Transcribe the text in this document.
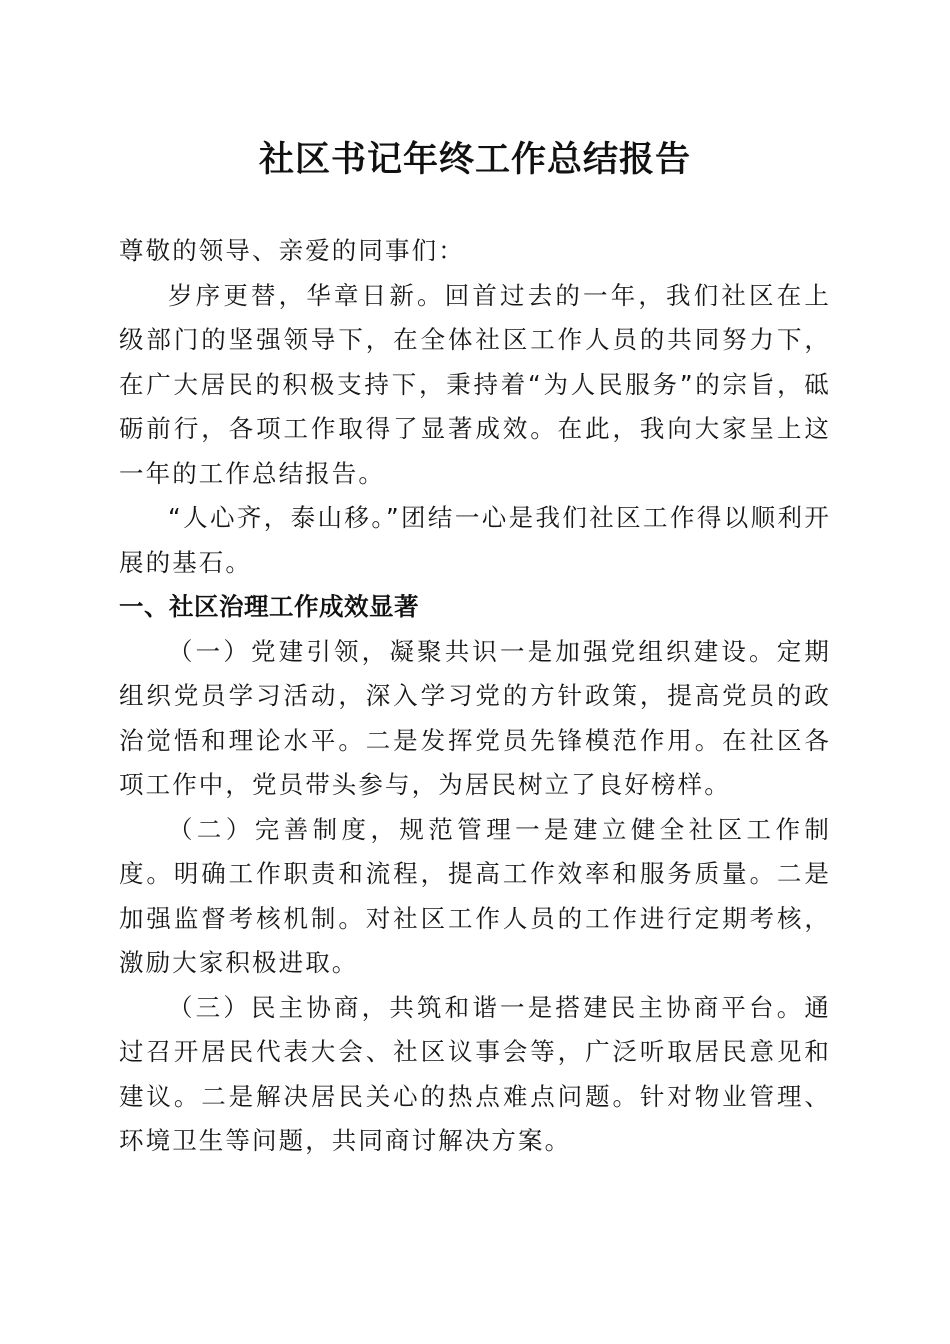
社区书记年终工作总结报告

尊敬的领导、亲爱的同事们：

岁序更替，华章日新。回首过去的一年，我们社区在上级部门的坚强领导下，在全体社区工作人员的共同努力下，在广大居民的积极支持下，秉持着“为人民服务”的宗旨，砥砺前行，各项工作取得了显著成效。在此，我向大家呈上这一年的工作总结报告。

“人心齐，泰山移。”团结一心是我们社区工作得以顺利开展的基石。

一、社区治理工作成效显著

（一）党建引领，凝聚共识一是加强党组织建设。定期组织党员学习活动，深入学习党的方针政策，提高党员的政治觉悟和理论水平。二是发挥党员先锋模范作用。在社区各项工作中，党员带头参与，为居民树立了良好榜样。

（二）完善制度，规范管理一是建立健全社区工作制度。明确工作职责和流程，提高工作效率和服务质量。二是加强监督考核机制。对社区工作人员的工作进行定期考核，激励大家积极进取。

（三）民主协商，共筑和谐一是搭建民主协商平台。通过召开居民代表大会、社区议事会等，广泛听取居民意见和建议。二是解决居民关心的热点难点问题。针对物业管理、环境卫生等问题，共同商讨解决方案。
